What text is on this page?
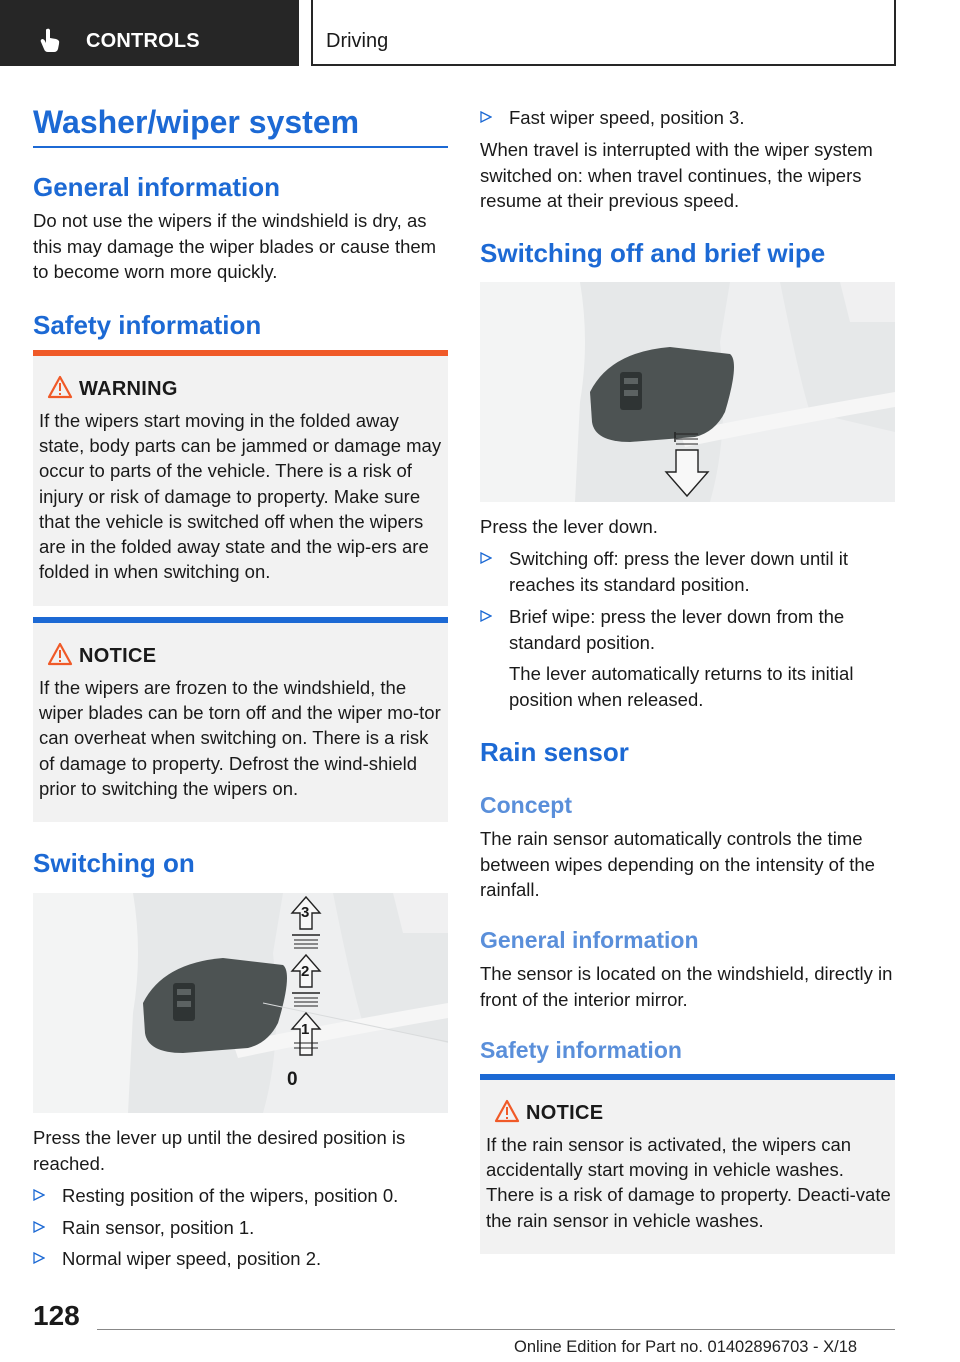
CONTROLS	Driving
Washer/wiper system
General information
Do not use the wipers if the windshield is dry, as this may damage the wiper blades or cause them to become worn more quickly.
Safety information
WARNING
If the wipers start moving in the folded away state, body parts can be jammed or damage may occur to parts of the vehicle. There is a risk of injury or risk of damage to property. Make sure that the vehicle is switched off when the wipers are in the folded away state and the wip‐ers are folded in when switching on.
NOTICE
If the wipers are frozen to the windshield, the wiper blades can be torn off and the wiper mo‐tor can overheat when switching on. There is a risk of damage to property. Defrost the wind‐shield prior to switching the wipers on.
Switching on
3
2
1
0
Press the lever up until the desired position is reached.
Resting position of the wipers, position 0.
Rain sensor, position 1.
Normal wiper speed, position 2.
Fast wiper speed, position 3.
When travel is interrupted with the wiper system switched on: when travel continues, the wipers resume at their previous speed.
Switching off and brief wipe
Press the lever down.
Switching off: press the lever down until it reaches its standard position.
Brief wipe: press the lever down from the standard position.
The lever automatically returns to its initial position when released.
Rain sensor
Concept
The rain sensor automatically controls the time between wipes depending on the intensity of the rainfall.
General information
The sensor is located on the windshield, directly in front of the interior mirror.
Safety information
NOTICE
If the rain sensor is activated, the wipers can accidentally start moving in vehicle washes. There is a risk of damage to property. Deacti‐vate the rain sensor in vehicle washes.
128
Online Edition for Part no. 01402896703 - X/18
